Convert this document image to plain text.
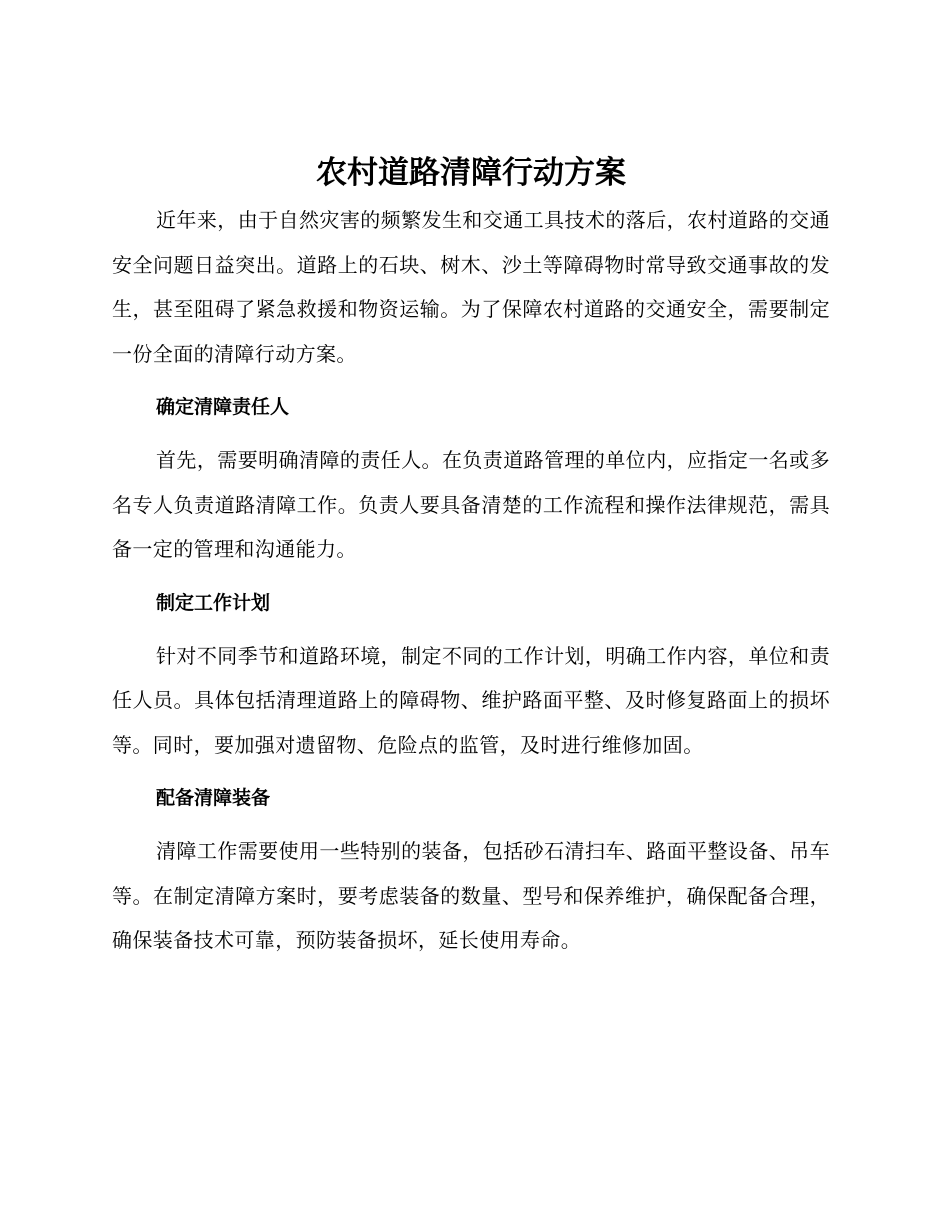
农村道路清障行动方案

近年来，由于自然灾害的频繁发生和交通工具技术的落后，农村道路的交通安全问题日益突出。道路上的石块、树木、沙土等障碍物时常导致交通事故的发生，甚至阻碍了紧急救援和物资运输。为了保障农村道路的交通安全，需要制定一份全面的清障行动方案。

确定清障责任人

首先，需要明确清障的责任人。在负责道路管理的单位内，应指定一名或多名专人负责道路清障工作。负责人要具备清楚的工作流程和操作法律规范，需具备一定的管理和沟通能力。

制定工作计划

针对不同季节和道路环境，制定不同的工作计划，明确工作内容，单位和责任人员。具体包括清理道路上的障碍物、维护路面平整、及时修复路面上的损坏等。同时，要加强对遗留物、危险点的监管，及时进行维修加固。

配备清障装备

清障工作需要使用一些特别的装备，包括砂石清扫车、路面平整设备、吊车等。在制定清障方案时，要考虑装备的数量、型号和保养维护，确保配备合理，确保装备技术可靠，预防装备损坏，延长使用寿命。
